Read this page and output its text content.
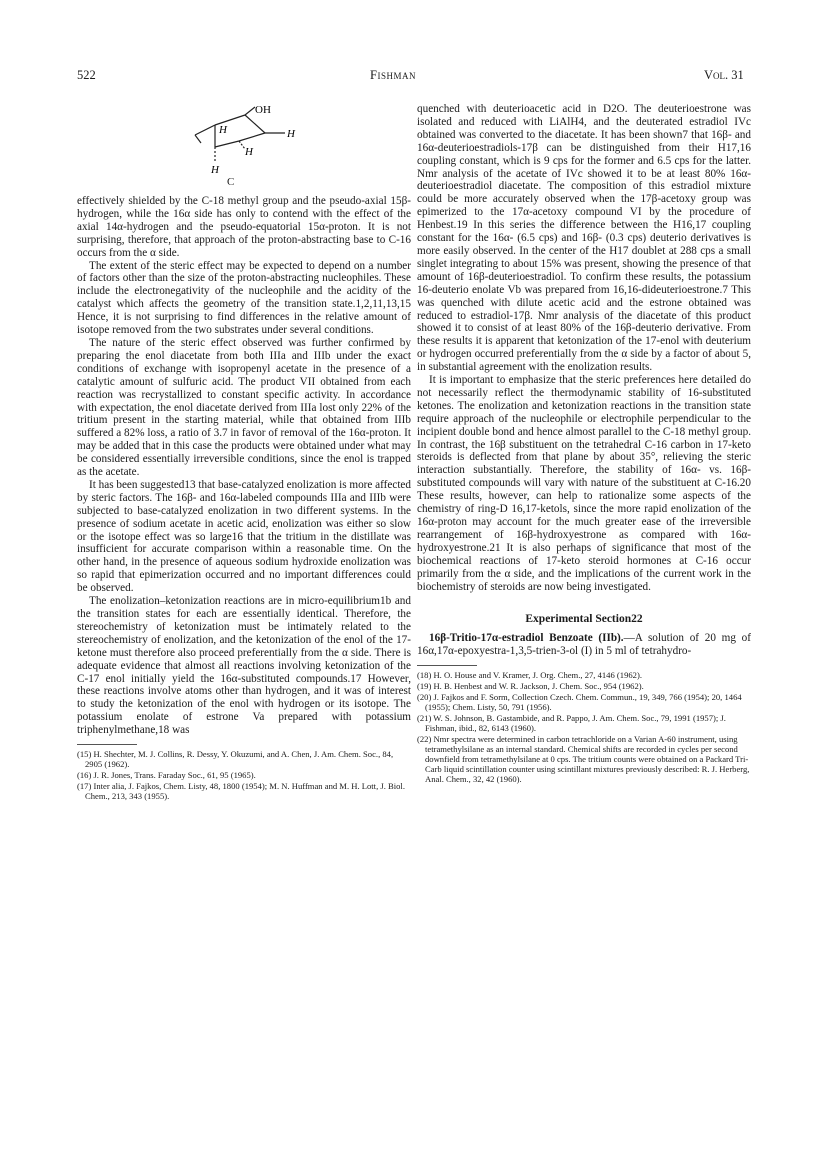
522	Fishman	Vol. 31
OH
H	H
H
H
C

effectively shielded by the C-18 methyl group and the pseudo-axial 15β-hydrogen, while the 16α side has only to contend with the effect of the axial 14α-hydrogen and the pseudo-equatorial 15α-proton. It is not surprising, therefore, that approach of the proton-abstracting base to C-16 occurs from the α side.

The extent of the steric effect may be expected to depend on a number of factors other than the size of the proton-abstracting nucleophiles. These include the electronegativity of the nucleophile and the acidity of the catalyst which affects the geometry of the transition state.1,2,11,13,15 Hence, it is not surprising to find differences in the relative amount of isotope removed from the two substrates under several conditions.

The nature of the steric effect observed was further confirmed by preparing the enol diacetate from both IIIa and IIIb under the exact conditions of exchange with isopropenyl acetate in the presence of a catalytic amount of sulfuric acid. The product VII obtained from each reaction was recrystallized to constant specific activity. In accordance with expectation, the enol diacetate derived from IIIa lost only 22% of the tritium present in the starting material, while that obtained from IIIb suffered a 82% loss, a ratio of 3.7 in favor of removal of the 16α-proton. It may be added that in this case the products were obtained under what may be considered essentially irreversible conditions, since the enol is trapped as the acetate.

It has been suggested13 that base-catalyzed enolization is more affected by steric factors. The 16β- and 16α-labeled compounds IIIa and IIIb were subjected to base-catalyzed enolization in two different systems. In the presence of sodium acetate in acetic acid, enolization was either so slow or the isotope effect was so large16 that the tritium in the distillate was insufficient for accurate comparison within a reasonable time. On the other hand, in the presence of aqueous sodium hydroxide enolization was so rapid that epimerization occurred and no important differences could be observed.

The enolization–ketonization reactions are in micro-equilibrium1b and the transition states for each are essentially identical. Therefore, the stereochemistry of ketonization must be intimately related to the stereochemistry of enolization, and the ketonization of the enol of the 17-ketone must therefore also proceed preferentially from the α side. There is adequate evidence that almost all reactions involving ketonization of the C-17 enol initially yield the 16α-substituted compounds.17 However, these reactions involve atoms other than hydrogen, and it was of interest to study the ketonization of the enol with hydrogen or its isotope. The potassium enolate of estrone Va prepared with potassium triphenylmethane,18 was

(15) H. Shechter, M. J. Collins, R. Dessy, Y. Okuzumi, and A. Chen, J. Am. Chem. Soc., 84, 2905 (1962).
(16) J. R. Jones, Trans. Faraday Soc., 61, 95 (1965).
(17) Inter alia, J. Fajkos, Chem. Listy, 48, 1800 (1954); M. N. Huffman and M. H. Lott, J. Biol. Chem., 213, 343 (1955).

quenched with deuterioacetic acid in D2O. The deuterioestrone was isolated and reduced with LiAlH4, and the deuterated estradiol IVc obtained was converted to the diacetate. It has been shown7 that 16β- and 16α-deuterioestradiols-17β can be distinguished from their H17,16 coupling constant, which is 9 cps for the former and 6.5 cps for the latter. Nmr analysis of the acetate of IVc showed it to be at least 80% 16α-deuterioestradiol diacetate. The composition of this estradiol mixture could be more accurately observed when the 17β-acetoxy group was epimerized to the 17α-acetoxy compound VI by the procedure of Henbest.19 In this series the difference between the H16,17 coupling constant for the 16α- (6.5 cps) and 16β- (0.3 cps) deuterio derivatives is more easily observed. In the center of the H17 doublet at 288 cps a small singlet integrating to about 15% was present, showing the presence of that amount of 16β-deuterioestradiol. To confirm these results, the potassium 16-deuterio enolate Vb was prepared from 16,16-dideuterioestrone.7 This was quenched with dilute acetic acid and the estrone obtained was reduced to estradiol-17β. Nmr analysis of the diacetate of this product showed it to consist of at least 80% of the 16β-deuterio derivative. From these results it is apparent that ketonization of the 17-enol with deuterium or hydrogen occurred preferentially from the α side by a factor of about 5, in substantial agreement with the enolization results.

It is important to emphasize that the steric preferences here detailed do not necessarily reflect the thermodynamic stability of 16-substituted ketones. The enolization and ketonization reactions in the transition state require approach of the nucleophile or electrophile perpendicular to the incipient double bond and hence almost parallel to the C-18 methyl group. In contrast, the 16β substituent on the tetrahedral C-16 carbon in 17-keto steroids is deflected from that plane by about 35°, relieving the steric interaction substantially. Therefore, the stability of 16α- vs. 16β-substituted compounds will vary with nature of the substituent at C-16.20 These results, however, can help to rationalize some aspects of the chemistry of ring-D 16,17-ketols, since the more rapid enolization of the 16α-proton may account for the much greater ease of the irreversible rearrangement of 16β-hydroxyestrone as compared with 16α-hydroxyestrone.21 It is also perhaps of significance that most of the biochemical reactions of 17-keto steroid hormones at C-16 occur primarily from the α side, and the implications of the current work in the biochemistry of steroids are now being investigated.

Experimental Section22

16β-Tritio-17α-estradiol Benzoate (IIb).—A solution of 20 mg of 16α,17α-epoxyestra-1,3,5-trien-3-ol (I) in 5 ml of tetrahydro-

(18) H. O. House and V. Kramer, J. Org. Chem., 27, 4146 (1962).
(19) H. B. Henbest and W. R. Jackson, J. Chem. Soc., 954 (1962).
(20) J. Fajkos and F. Sorm, Collection Czech. Chem. Commun., 19, 349, 766 (1954); 20, 1464 (1955); Chem. Listy, 50, 791 (1956).
(21) W. S. Johnson, B. Gastambide, and R. Pappo, J. Am. Chem. Soc., 79, 1991 (1957); J. Fishman, ibid., 82, 6143 (1960).
(22) Nmr spectra were determined in carbon tetrachloride on a Varian A-60 instrument, using tetramethylsilane as an internal standard. Chemical shifts are recorded in cycles per second downfield from tetramethylsilane at 0 cps. The tritium counts were obtained on a Packard Tri-Carb liquid scintillation counter using scintillant mixtures previously described: R. J. Herberg, Anal. Chem., 32, 42 (1960).
